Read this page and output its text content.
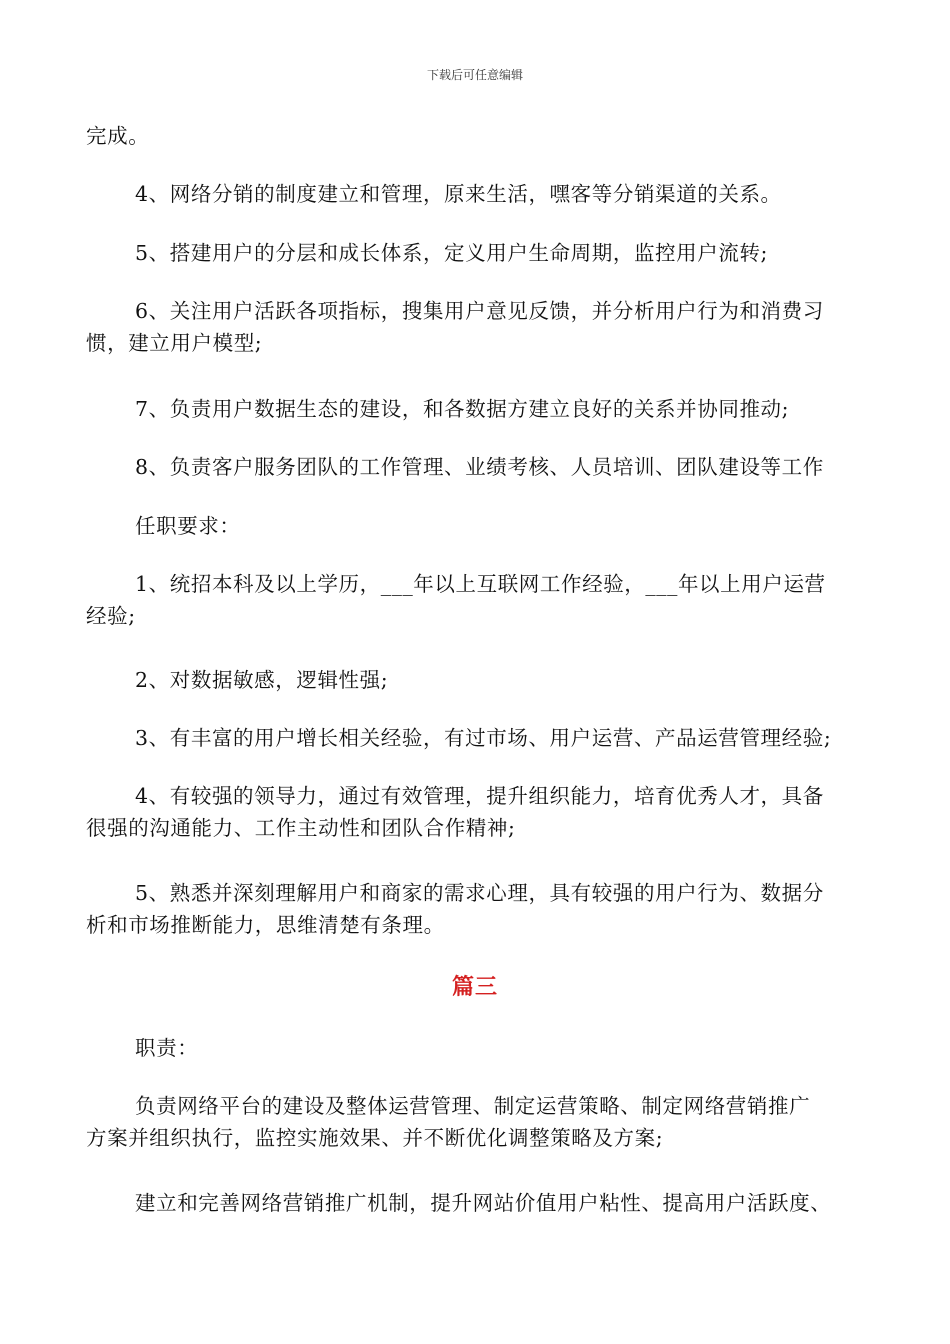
下载后可任意编辑
完成。
4、网络分销的制度建立和管理，原来生活，嘿客等分销渠道的关系。
5、搭建用户的分层和成长体系，定义用户生命周期，监控用户流转;
6、关注用户活跃各项指标，搜集用户意见反馈，并分析用户行为和消费习
惯，建立用户模型;
7、负责用户数据生态的建设，和各数据方建立良好的关系并协同推动;
8、负责客户服务团队的工作管理、业绩考核、人员培训、团队建设等工作
任职要求：
1、统招本科及以上学历，___年以上互联网工作经验，___年以上用户运营
经验;
2、对数据敏感，逻辑性强;
3、有丰富的用户增长相关经验，有过市场、用户运营、产品运营管理经验;
4、有较强的领导力，通过有效管理，提升组织能力，培育优秀人才，具备
很强的沟通能力、工作主动性和团队合作精神;
5、熟悉并深刻理解用户和商家的需求心理，具有较强的用户行为、数据分
析和市场推断能力，思维清楚有条理。
篇三
职责：
负责网络平台的建设及整体运营管理、制定运营策略、制定网络营销推广
方案并组织执行，监控实施效果、并不断优化调整策略及方案;
建立和完善网络营销推广机制，提升网站价值用户粘性、提高用户活跃度、
